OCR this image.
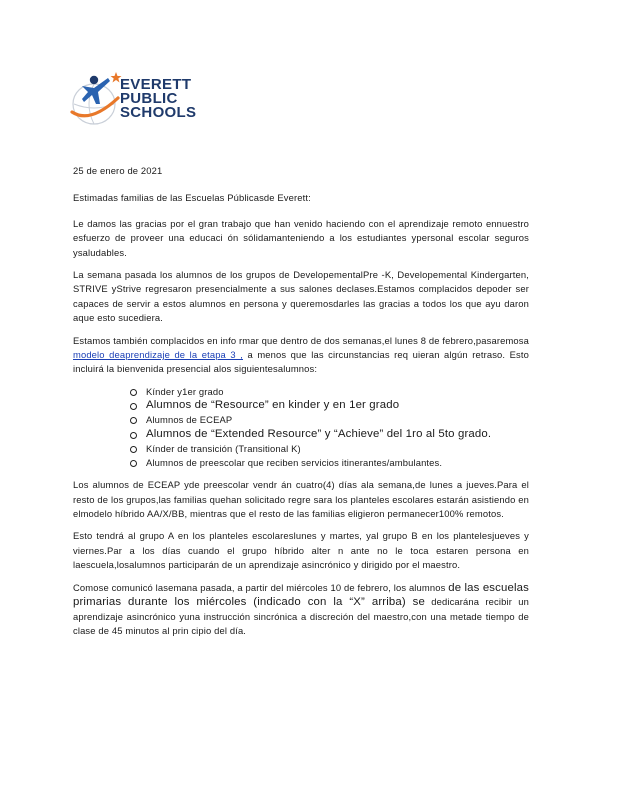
EVERETT
PUBLIC
SCHOOLS

25 de enero de 2021

Estimadas familias de las Escuelas Públicasde Everett:

Le damos las gracias por el gran trabajo que han venido haciendo con el aprendizaje remoto ennuestro esfuerzo de proveer una educaci ón sólidamanteniendo a los estudiantes ypersonal escolar seguros ysaludables.

La semana pasada los alumnos de los grupos de DevelopementalPre -K, Developemental Kindergarten, STRIVE yStrive regresaron presencialmente a sus salones declases.Estamos complacidos depoder ser capaces de servir a estos alumnos en persona y queremosdarles las gracias a todos los que ayu daron aque esto sucediera.

Estamos también complacidos en info rmar que dentro de dos semanas,el lunes 8 de febrero,pasaremosa modelo deaprendizaje de la etapa 3 , a menos que las circunstancias req uieran algún retraso. Esto incluirá la bienvenida presencial alos siguientesalumnos:

Kínder y1er grado
Alumnos de “Resource” en kinder y en 1er grado
Alumnos de ECEAP
Alumnos de “Extended Resource” y “Achieve” del 1ro al 5to grado.
Kínder de transición (Transitional K)
Alumnos de preescolar que reciben servicios itinerantes/ambulantes.

Los alumnos de ECEAP yde preescolar vendr án cuatro(4) días ala semana,de lunes a jueves.Para el resto de los grupos,las familias quehan solicitado regre sara los planteles escolares estarán asistiendo en elmodelo híbrido AA/X/BB, mientras que el resto de las familias eligieron permanecer100% remotos.

Esto tendrá al grupo A en los planteles escolareslunes y martes, yal grupo B en los plantelesjueves y viernes.Par a los días cuando el grupo híbrido alter n ante no le toca estaren persona en laescuela,losalumnos participarán de un aprendizaje asincrónico y dirigido por el maestro.

Comose comunicó lasemana pasada, a partir del miércoles 10 de febrero, los alumnos de las escuelas primarias durante los miércoles (indicado con la “X” arriba) se dedicarána recibir un aprendizaje asincrónico yuna instrucción sincrónica a discreción del maestro,con una metade tiempo de clase de 45 minutos al prin cipio del día.
